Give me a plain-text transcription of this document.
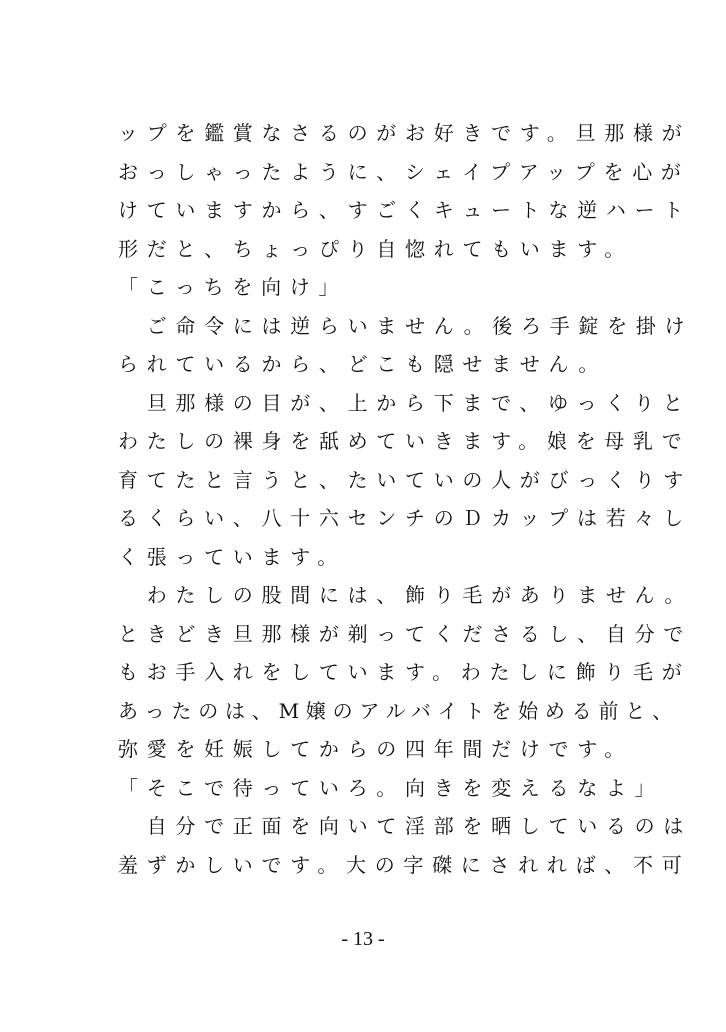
ップを鑑賞なさるのがお好きです。旦那様が
おっしゃったように、シェイプアップを心が
けていますから、すごくキュートな逆ハート
形だと、ちょっぴり自惚れてもいます。
「こっちを向け」
　ご命令には逆らいません。後ろ手錠を掛け
られているから、どこも隠せません。
　旦那様の目が、上から下まで、ゆっくりと
わたしの裸身を舐めていきます。娘を母乳で
育てたと言うと、たいていの人がびっくりす
るくらい、八十六センチのＤカップは若々し
く張っています。
　わたしの股間には、飾り毛がありません。
ときどき旦那様が剃ってくださるし、自分で
もお手入れをしています。わたしに飾り毛が
あったのは、M嬢のアルバイトを始める前と、
弥愛を妊娠してからの四年間だけです。
「そこで待っていろ。向きを変えるなよ」
　自分で正面を向いて淫部を晒しているのは
羞ずかしいです。大の字磔にされれば、不可
- 13 -
